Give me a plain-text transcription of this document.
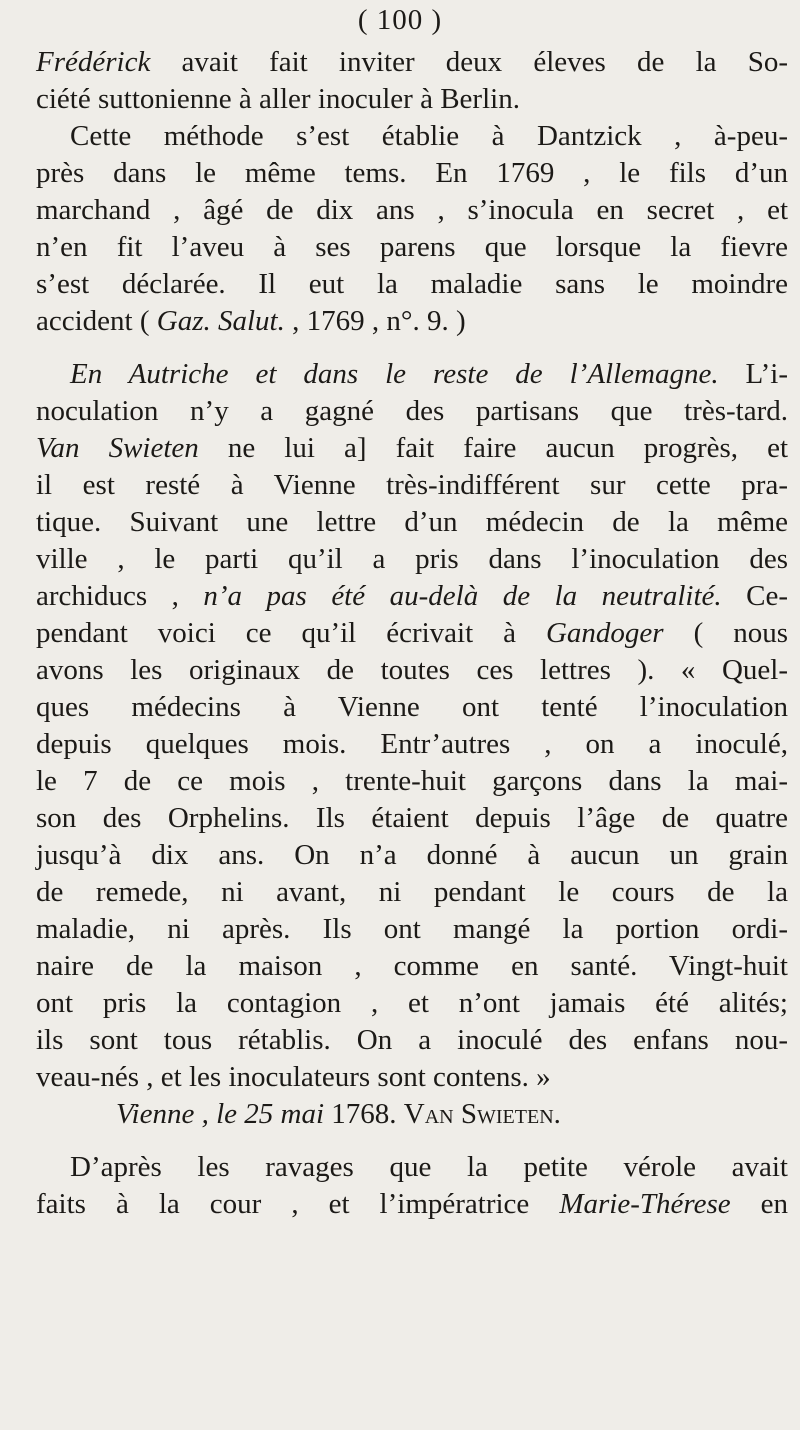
( 100 )
Frédérick avait fait inviter deux éleves de la So-
ciété suttonienne à aller inoculer à Berlin.
Cette méthode s’est établie à Dantzick , à-peu-
près dans le même tems. En 1769 , le fils d’un
marchand , âgé de dix ans , s’inocula en secret , et
n’en fit l’aveu à ses parens que lorsque la fievre
s’est déclarée. Il eut la maladie sans le moindre
accident ( Gaz. Salut. , 1769 , n°. 9. )
En Autriche et dans le reste de l’Allemagne. L’i-
noculation n’y a gagné des partisans que très-tard.
Van Swieten ne lui a] fait faire aucun progrès, et
il est resté à Vienne très-indifférent sur cette pra-
tique. Suivant une lettre d’un médecin de la même
ville , le parti qu’il a pris dans l’inoculation des
archiducs , n’a pas été au-delà de la neutralité. Ce-
pendant voici ce qu’il écrivait à Gandoger ( nous
avons les originaux de toutes ces lettres ). « Quel-
ques médecins à Vienne ont tenté l’inoculation
depuis quelques mois. Entr’autres , on a inoculé,
le 7 de ce mois , trente-huit garçons dans la mai-
son des Orphelins. Ils étaient depuis l’âge de quatre
jusqu’à dix ans. On n’a donné à aucun un grain
de remede, ni avant, ni pendant le cours de la
maladie, ni après. Ils ont mangé la portion ordi-
naire de la maison , comme en santé. Vingt-huit
ont pris la contagion , et n’ont jamais été alités;
ils sont tous rétablis. On a inoculé des enfans nou-
veau-nés , et les inoculateurs sont contens. »
Vienne , le 25 mai 1768. Van Swieten.
D’après les ravages que la petite vérole avait
faits à la cour , et l’impératrice Marie-Thérese en
